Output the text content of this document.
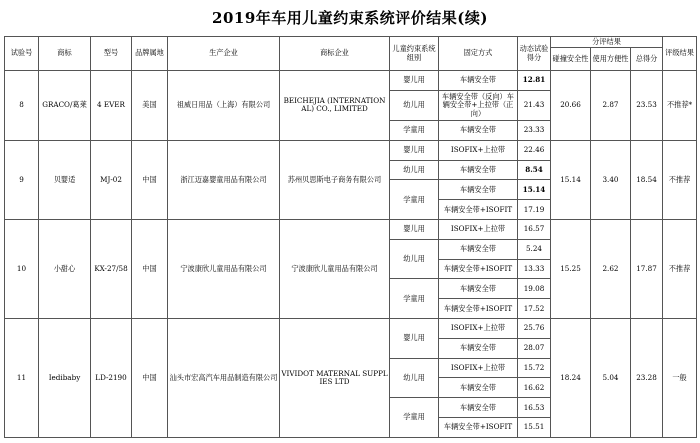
2019年车用儿童约束系统评价结果(续)
试验号	商标	型号	品牌属地	生产企业	商标企业	儿童约束系统组别	固定方式	动态试验得分	分评结果			评级结果
									碰撞安全性	使用方便性	总得分	
8	GRACO/葛莱	4 EVER	美国	祖威日用品（上海）有限公司	BEICHEJIA (INTERNATIONAL) CO., LIMITED	婴儿用	车辆安全带	12.81	20.66	2.87	23.53	不推荐*
						幼儿用	车辆安全带（反向）车辆安全带+上拉带（正向）	21.43				
						学童用	车辆安全带	23.33				
9	贝婴适	MJ-02	中国	浙江迈嘉婴童用品有限公司	苏州贝思斯电子商务有限公司	婴儿用	ISOFIX+上拉带	22.46	15.14	3.40	18.54	不推荐
						幼儿用	车辆安全带	8.54				
						学童用	车辆安全带	15.14				
							车辆安全带+ISOFIT	17.19				
10	小甜心	KX-27/58	中国	宁波康欣儿童用品有限公司	宁波康欣儿童用品有限公司	婴儿用	ISOFIX+上拉带	16.57	15.25	2.62	17.87	不推荐
						幼儿用	车辆安全带	5.24				
							车辆安全带+ISOFIT	13.33				
						学童用	车辆安全带	19.08				
							车辆安全带+ISOFIT	17.52				
11	Iedibaby	LD-2190	中国	汕头市宏高汽车用品制造有限公司	VIVIDOT MATERNAL SUPPLIES LTD	婴儿用	ISOFIX+上拉带	25.76	18.24	5.04	23.28	一般
							车辆安全带	28.07				
						幼儿用	ISOFIX+上拉带	15.72				
							车辆安全带	16.62				
						学童用	车辆安全带	16.53				
							车辆安全带+ISOFIT	15.51				
